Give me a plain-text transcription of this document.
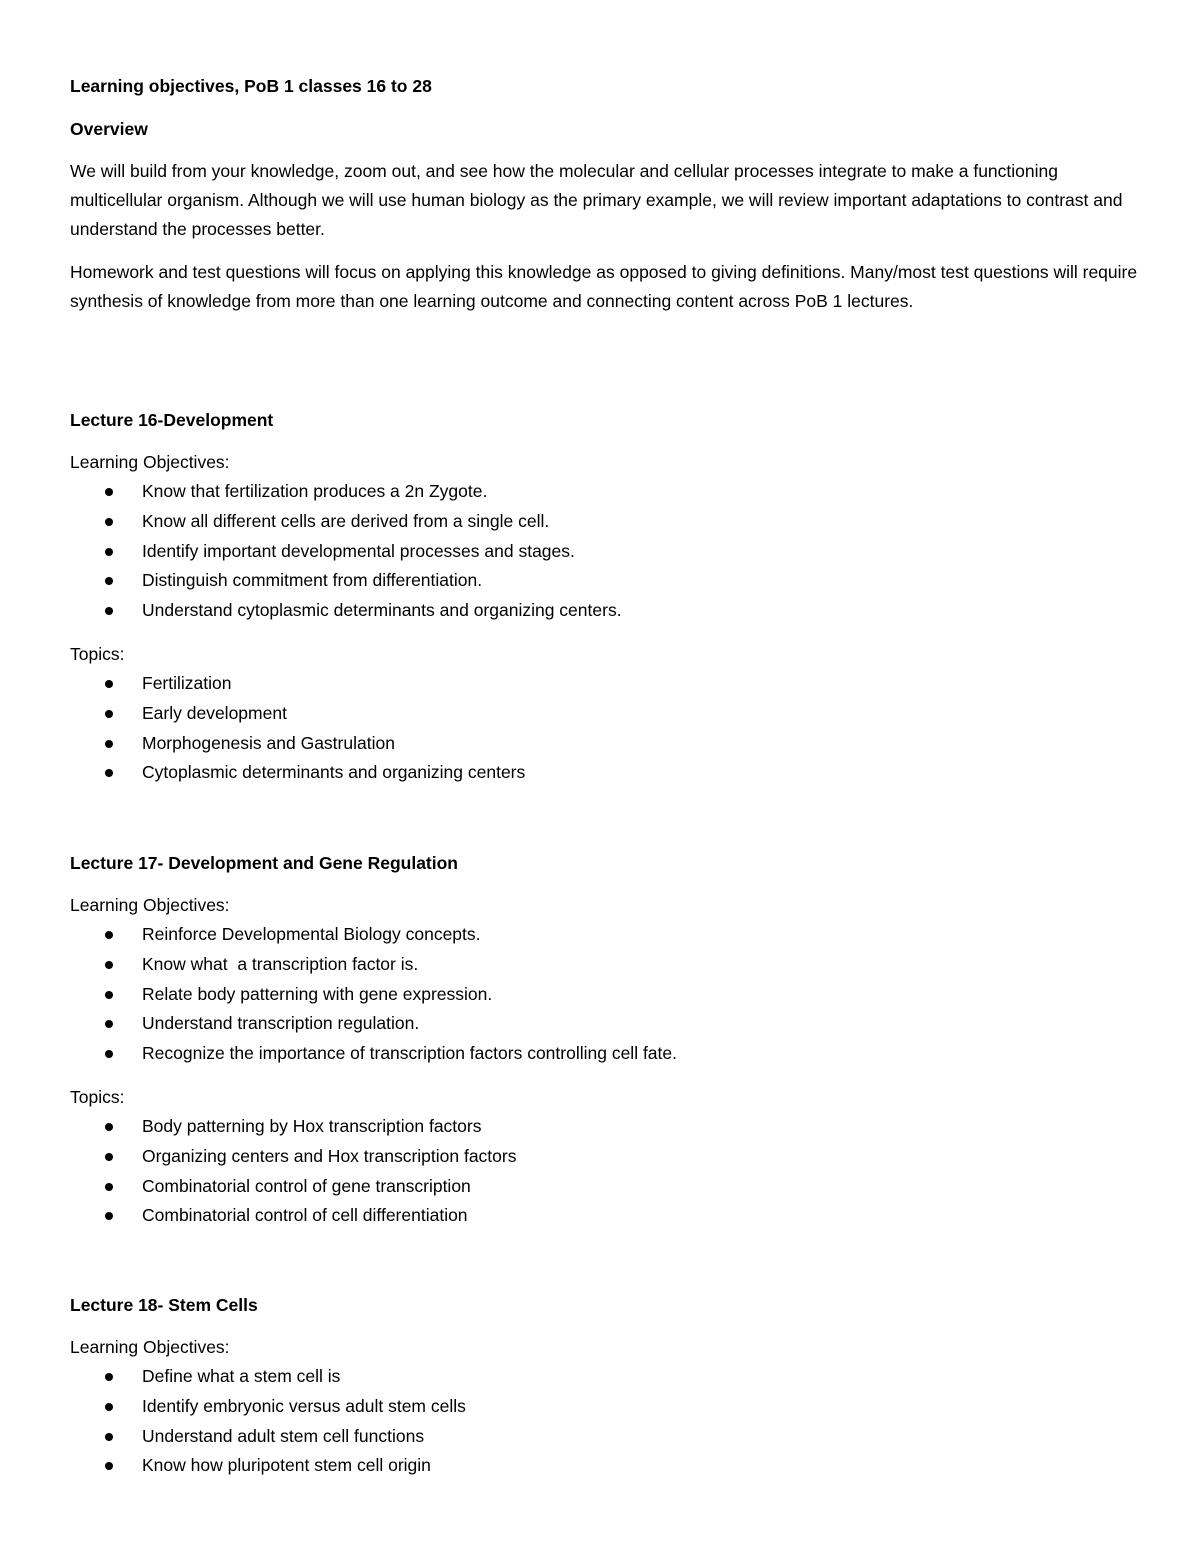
Learning objectives, PoB 1 classes 16 to 28
Overview

We will build from your knowledge, zoom out, and see how the molecular and cellular processes integrate to make a functioning multicellular organism. Although we will use human biology as the primary example, we will review important adaptations to contrast and understand the processes better.

Homework and test questions will focus on applying this knowledge as opposed to giving definitions. Many/most test questions will require synthesis of knowledge from more than one learning outcome and connecting content across PoB 1 lectures.

Lecture 16-Development

Learning Objectives:

Know that fertilization produces a 2n Zygote.
Know all different cells are derived from a single cell.
Identify important developmental processes and stages.
Distinguish commitment from differentiation.
Understand cytoplasmic determinants and organizing centers.

Topics:

Fertilization
Early development
Morphogenesis and Gastrulation
Cytoplasmic determinants and organizing centers
Lecture 17- Development and Gene Regulation

Learning Objectives:

Reinforce Developmental Biology concepts.
Know what  a transcription factor is.
Relate body patterning with gene expression.
Understand transcription regulation.
Recognize the importance of transcription factors controlling cell fate.

Topics:

Body patterning by Hox transcription factors
Organizing centers and Hox transcription factors
Combinatorial control of gene transcription
Combinatorial control of cell differentiation
Lecture 18- Stem Cells

Learning Objectives:

Define what a stem cell is
Identify embryonic versus adult stem cells
Understand adult stem cell functions
Know how pluripotent stem cell origin
